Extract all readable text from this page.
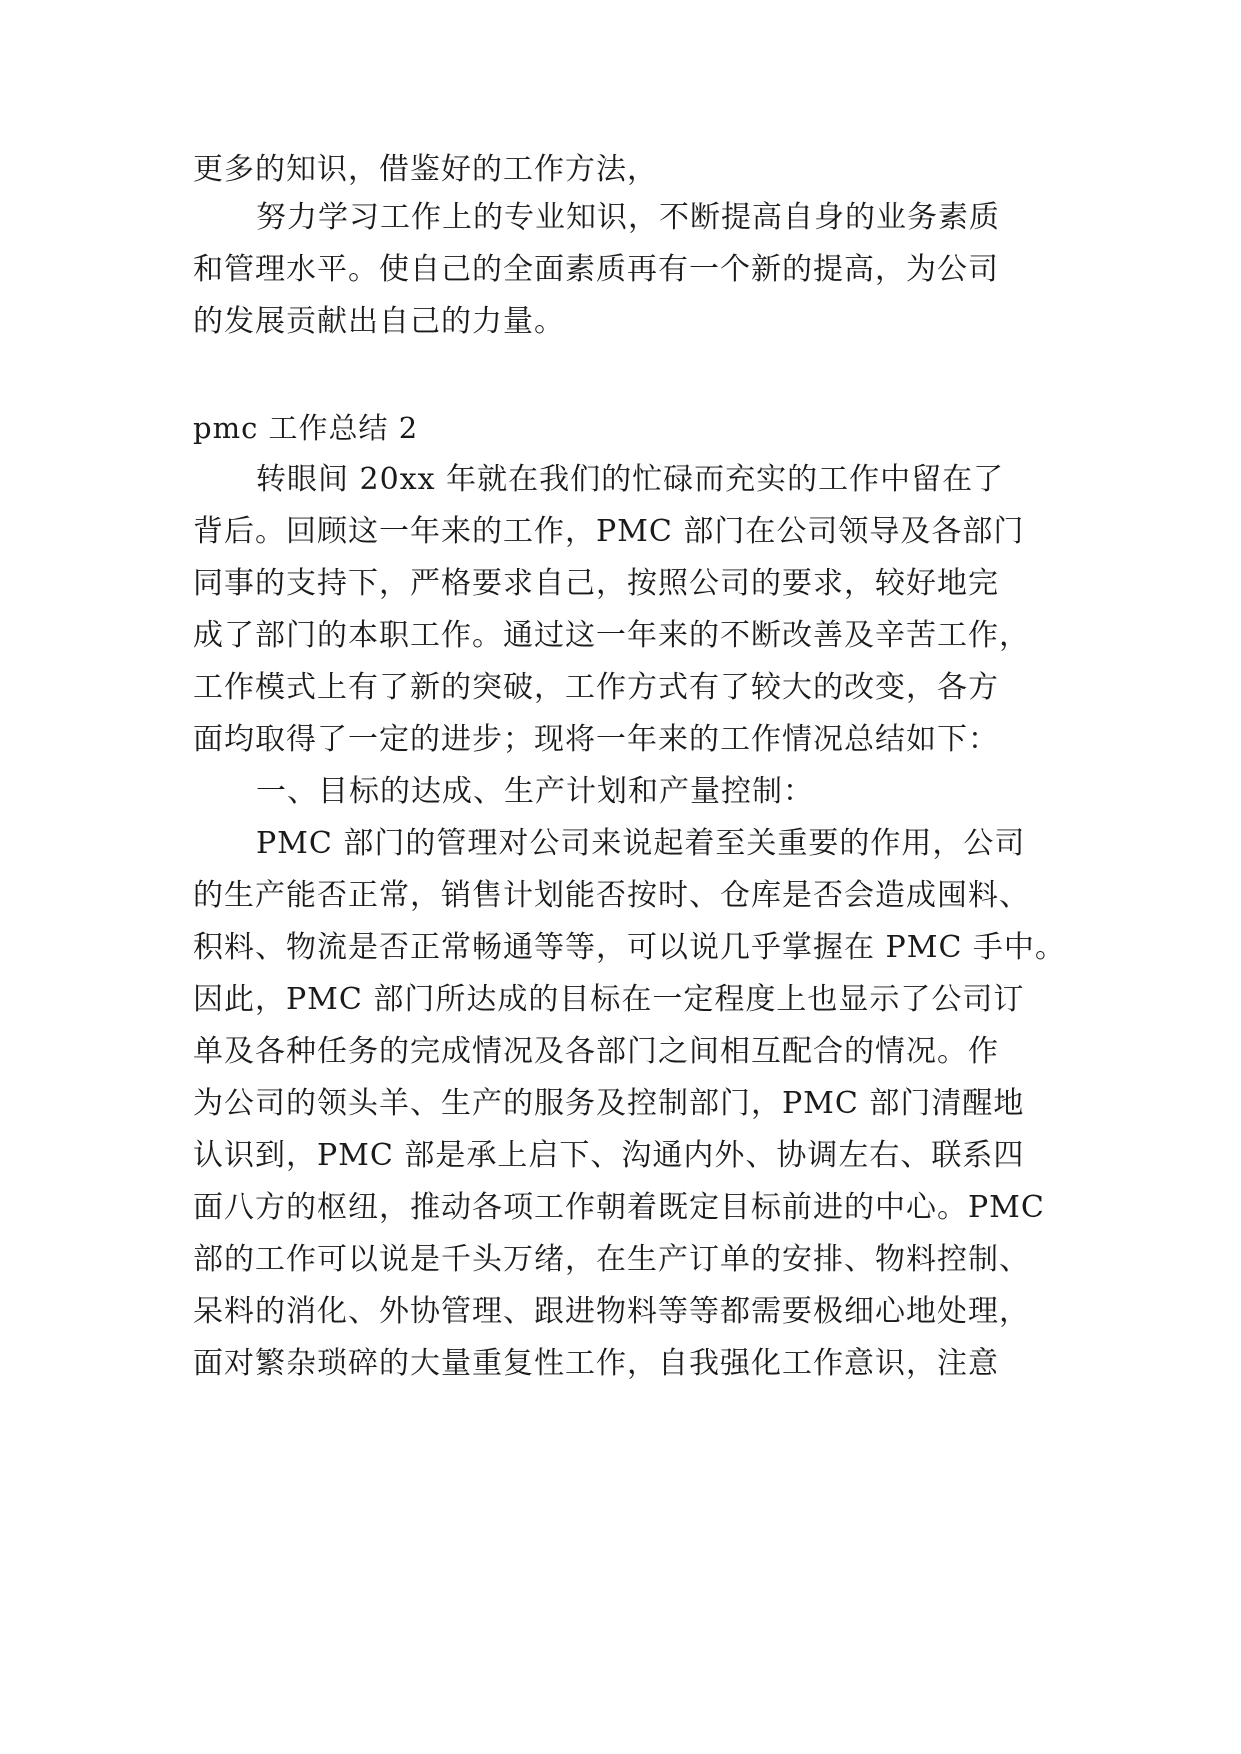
更多的知识，借鉴好的工作方法，
努力学习工作上的专业知识，不断提高自身的业务素质
和管理水平。使自己的全面素质再有一个新的提高，为公司
的发展贡献出自己的力量。
pmc 工作总结 2
转眼间 20xx 年就在我们的忙碌而充实的工作中留在了
背后。回顾这一年来的工作，PMC 部门在公司领导及各部门
同事的支持下，严格要求自己，按照公司的要求，较好地完
成了部门的本职工作。通过这一年来的不断改善及辛苦工作，
工作模式上有了新的突破，工作方式有了较大的改变，各方
面均取得了一定的进步；现将一年来的工作情况总结如下：
一、目标的达成、生产计划和产量控制：
PMC 部门的管理对公司来说起着至关重要的作用，公司
的生产能否正常，销售计划能否按时、仓库是否会造成囤料、
积料、物流是否正常畅通等等，可以说几乎掌握在 PMC 手中。
因此，PMC 部门所达成的目标在一定程度上也显示了公司订
单及各种任务的完成情况及各部门之间相互配合的情况。作
为公司的领头羊、生产的服务及控制部门，PMC 部门清醒地
认识到，PMC 部是承上启下、沟通内外、协调左右、联系四
面八方的枢纽，推动各项工作朝着既定目标前进的中心。PMC
部的工作可以说是千头万绪，在生产订单的安排、物料控制、
呆料的消化、外协管理、跟进物料等等都需要极细心地处理，
面对繁杂琐碎的大量重复性工作，自我强化工作意识，注意
